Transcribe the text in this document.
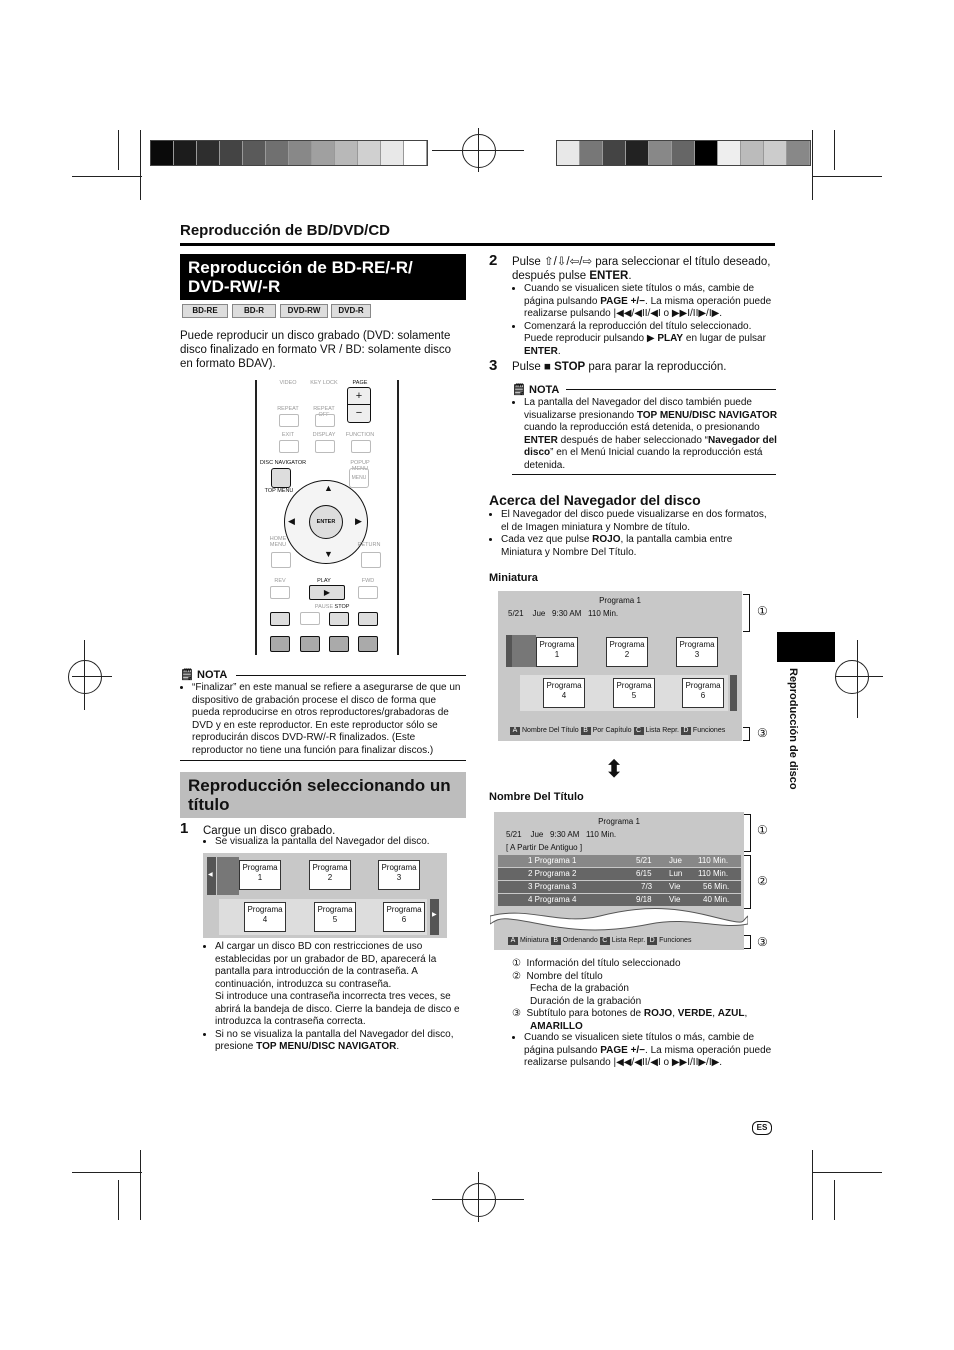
Reproducción de BD/DVD/CD
Reproducción de disco
Reproducción de BD-RE/-R/ DVD-RW/-R
BD-RE	BD-R	DVD-RW	DVD-R
Puede reproducir un disco grabado (DVD: solamente disco finalizado en formato VR / BD: solamente disco en formato BDAV).
VIDEO	KEY LOCK	PAGE
+
−
REPEAT	REPEAT OFF
EXIT	DISPLAY	FUNCTION
DISC NAVIGATOR	POPUP MENU
MENU
TOP MENU	▲
▼
◀	▶
ENTER
HOME MENU	RETURN
REV	PLAY	FWD
▶
PAUSE STOP
🗒 NOTA
• “Finalizar” en este manual se refiere a asegurarse de que un dispositivo de grabación procese el disco de forma que pueda reproducirse en otros reproductores/grabadoras de DVD y en este reproductor. En este reproductor sólo se reproducirán discos DVD-RW/-R finalizados. (Este reproductor no tiene una función para finalizar discos.)
Reproducción seleccionando un título
1 Cargue un disco grabado.
• Se visualiza la pantalla del Navegador del disco.
◀
Programa
1
Programa
2
Programa
3
Programa
4
Programa
5
Programa
6	▶
• Al cargar un disco BD con restricciones de uso establecidas por un grabador de BD, aparecerá la pantalla para introducción de la contraseña. A continuación, introduzca su contraseña.
Si introduce una contraseña incorrecta tres veces, se abrirá la bandeja de disco. Cierre la bandeja de disco e introduzca la contraseña correcta.
• Si no se visualiza la pantalla del Navegador del disco, presione TOP MENU/DISC NAVIGATOR.
2 Pulse ⇧/⇩/⇦/⇨ para seleccionar el título deseado, después pulse ENTER.
• Cuando se visualicen siete títulos o más, cambie de página pulsando PAGE +/−. La misma operación puede realizarse pulsando |◀◀/◀II/◀I o ▶▶I/II▶/I▶.
• Comenzará la reproducción del título seleccionado. Puede reproducir pulsando ▶ PLAY en lugar de pulsar ENTER.
3 Pulse ■ STOP para parar la reproducción.
🗒 NOTA
• La pantalla del Navegador del disco también puede visualizarse presionando TOP MENU/DISC NAVIGATOR cuando la reproducción está detenida, o presionando ENTER después de haber seleccionado “Navegador del disco” en el Menú Inicial cuando la reproducción está detenida.
Acerca del Navegador del disco
• El Navegador del disco puede visualizarse en dos formatos, el de Imagen miniatura y Nombre de título.
• Cada vez que pulse ROJO, la pantalla cambia entre Miniatura y Nombre Del Título.
Miniatura
Programa 1
5/21    Jue   9:30 AM   110 Min.
Programa
1
Programa
2
Programa
3
Programa
4
Programa
5
Programa
6
A Nombre Del Título B Por Capítulo C Lista Repr. D Funciones
①
③
⬍
Nombre Del Título
Programa 1
5/21    Jue   9:30 AM   110 Min.
[ A Partir De Antiguo ]
1 Programa 1	5/21 Jue 110 Min.
2 Programa 2	6/15 Lun 110 Min.
3 Programa 3	7/3 Vie	56 Min.
4 Programa 4	9/18 Vie	40 Min.
A Miniatura B Ordenando C Lista Repr. D Funciones
①
②
③
① Información del título seleccionado
② Nombre del título
Fecha de la grabación
Duración de la grabación
③ Subtítulo para botones de ROJO, VERDE, AZUL,
AMARILLO
• Cuando se visualicen siete títulos o más, cambie de página pulsando PAGE +/−. La misma operación puede realizarse pulsando |◀◀/◀II/◀I o ▶▶I/II▶/I▶.
ES
